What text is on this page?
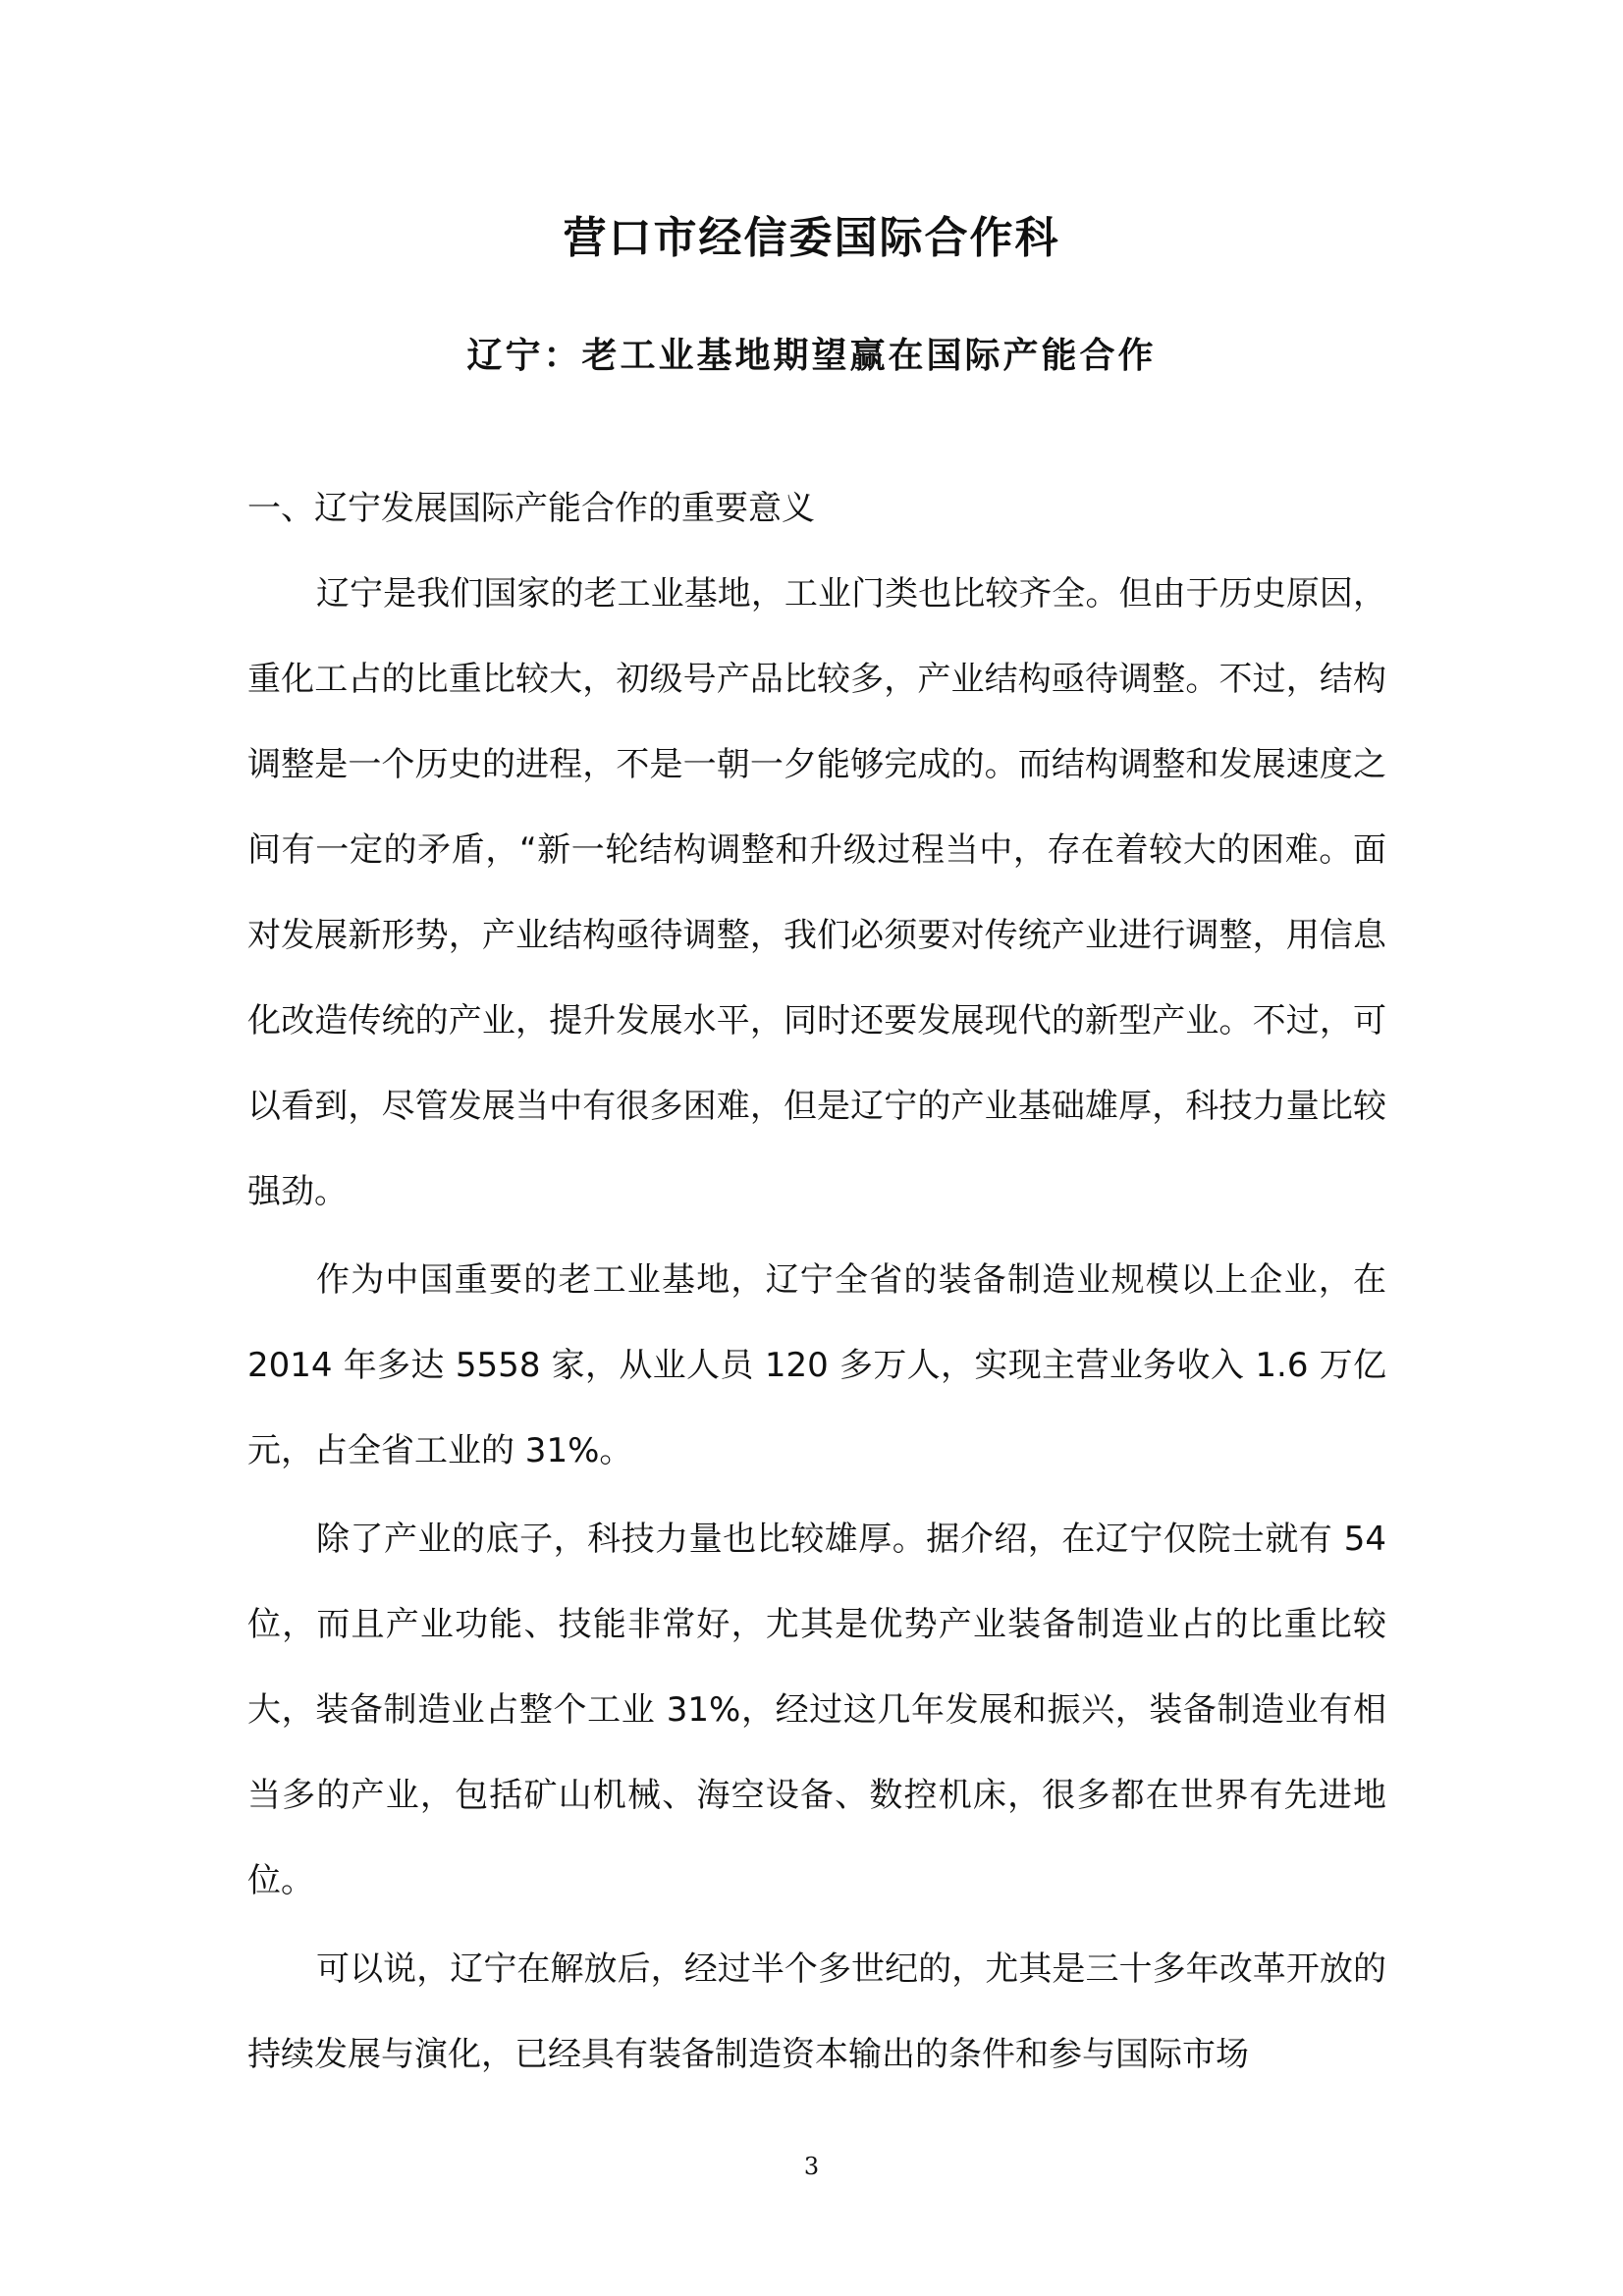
营口市经信委国际合作科
辽宁：老工业基地期望赢在国际产能合作
一、辽宁发展国际产能合作的重要意义

辽宁是我们国家的老工业基地，工业门类也比较齐全。但由于历史原因，重化工占的比重比较大，初级号产品比较多，产业结构亟待调整。不过，结构调整是一个历史的进程，不是一朝一夕能够完成的。而结构调整和发展速度之间有一定的矛盾，“新一轮结构调整和升级过程当中，存在着较大的困难。面对发展新形势，产业结构亟待调整，我们必须要对传统产业进行调整，用信息化改造传统的产业，提升发展水平，同时还要发展现代的新型产业。不过，可以看到，尽管发展当中有很多困难，但是辽宁的产业基础雄厚，科技力量比较强劲。

作为中国重要的老工业基地，辽宁全省的装备制造业规模以上企业，在 2014 年多达 5558 家，从业人员 120 多万人，实现主营业务收入 1.6 万亿元，占全省工业的 31%。

除了产业的底子，科技力量也比较雄厚。据介绍，在辽宁仅院士就有 54 位，而且产业功能、技能非常好，尤其是优势产业装备制造业占的比重比较大，装备制造业占整个工业 31%，经过这几年发展和振兴，装备制造业有相当多的产业，包括矿山机械、海空设备、数控机床，很多都在世界有先进地位。

可以说，辽宁在解放后，经过半个多世纪的，尤其是三十多年改革开放的持续发展与演化，已经具有装备制造资本输出的条件和参与国际市场

3
